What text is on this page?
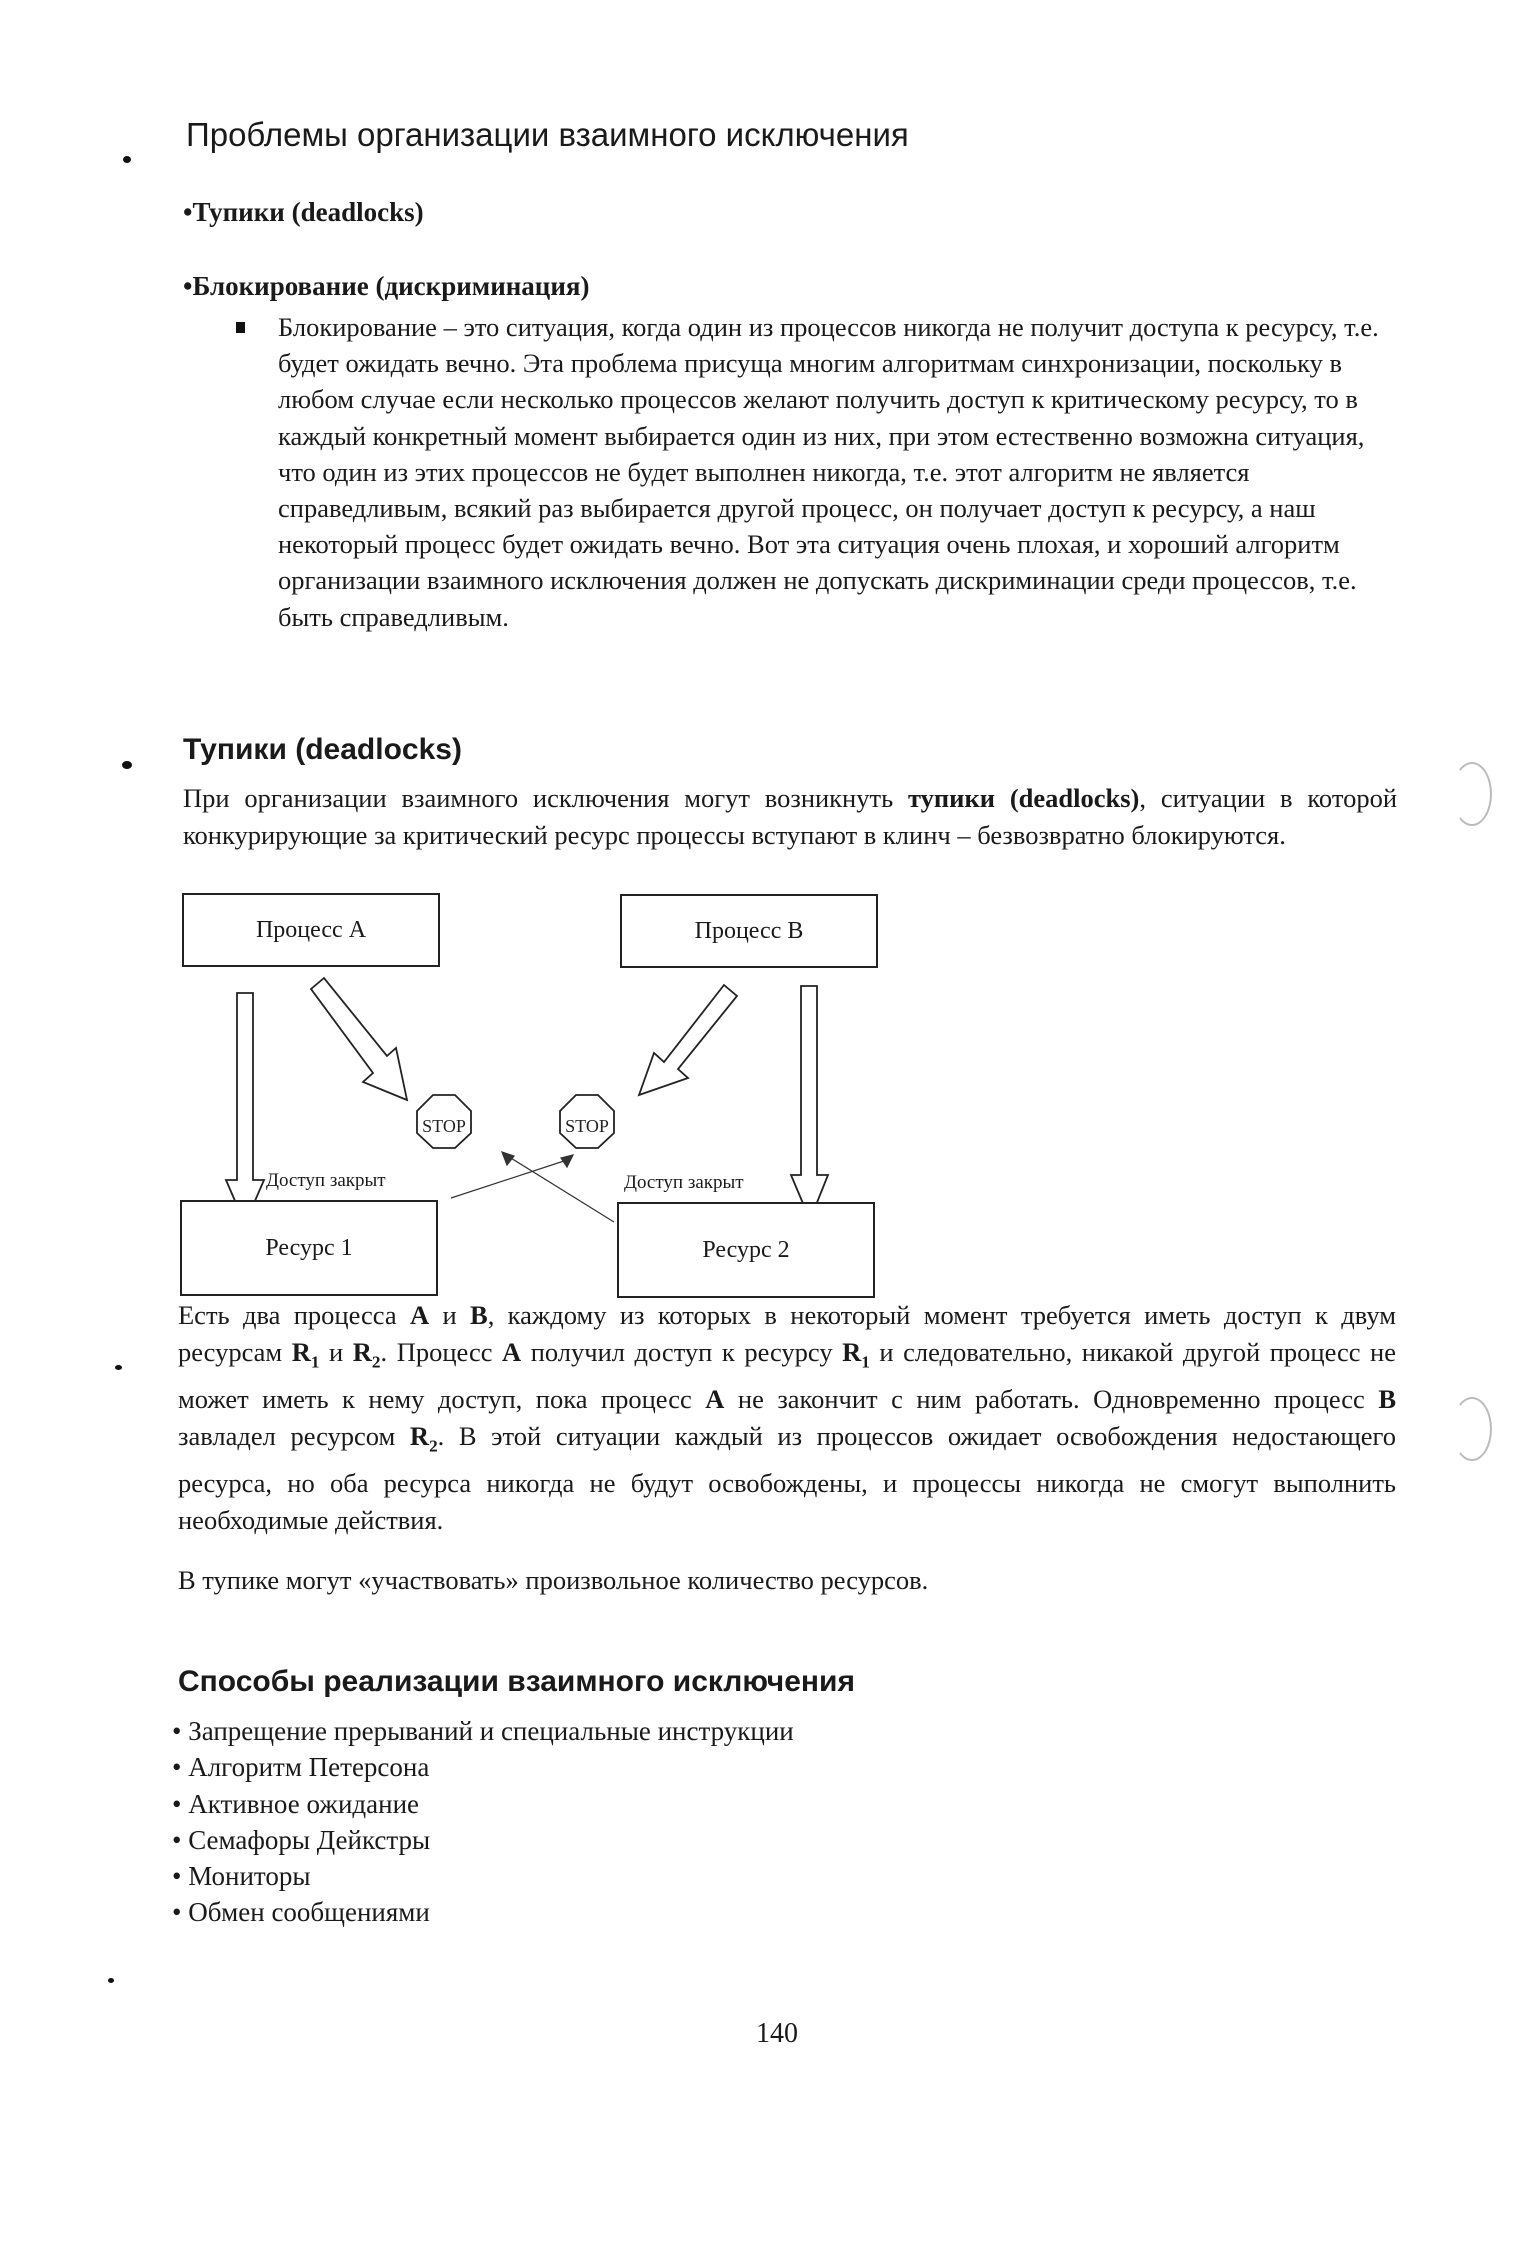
Проблемы организации взаимного исключения
•Тупики (deadlocks)
•Блокирование (дискриминация)
Блокирование – это ситуация, когда один из процессов никогда не получит доступа к ресурсу, т.е. будет ожидать вечно. Эта проблема присуща многим алгоритмам синхронизации, поскольку в любом случае если несколько процессов желают получить доступ к критическому ресурсу, то в каждый конкретный момент выбирается один из них, при этом естественно возможна ситуация, что один из этих процессов не будет выполнен никогда, т.е. этот алгоритм не является справедливым, всякий раз выбирается другой процесс, он получает доступ к ресурсу, а наш некоторый процесс будет ожидать вечно. Вот эта ситуация очень плохая, и хороший алгоритм организации взаимного исключения должен не допускать дискриминации среди процессов, т.е. быть справедливым.
Тупики (deadlocks)
При организации взаимного исключения могут возникнуть тупики (deadlocks), ситуации в которой конкурирующие за критический ресурс процессы вступают в клинч – безвозвратно блокируются.
STOP	STOP
Процесс А	Процесс В
Ресурс 1	Ресурс 2
Доступ закрыт	Доступ закрыт
Есть два процесса A и B, каждому из которых в некоторый момент требуется иметь доступ к двум ресурсам $R_1$ и $R_2$. Процесс A получил доступ к ресурсу $R_1$ и следовательно, никакой другой процесс не может иметь к нему доступ, пока процесс A не закончит с ним работать. Одновременно процесс B завладел ресурсом $R_2$. В этой ситуации каждый из процессов ожидает освобождения недостающего ресурса, но оба ресурса никогда не будут освобождены, и процессы никогда не смогут выполнить необходимые действия.
В тупике могут «участвовать» произвольное количество ресурсов.
Способы реализации взаимного исключения
• Запрещение прерываний и специальные инструкции
• Алгоритм Петерсона
• Активное ожидание
• Семафоры Дейкстры
• Мониторы
• Обмен сообщениями
140
